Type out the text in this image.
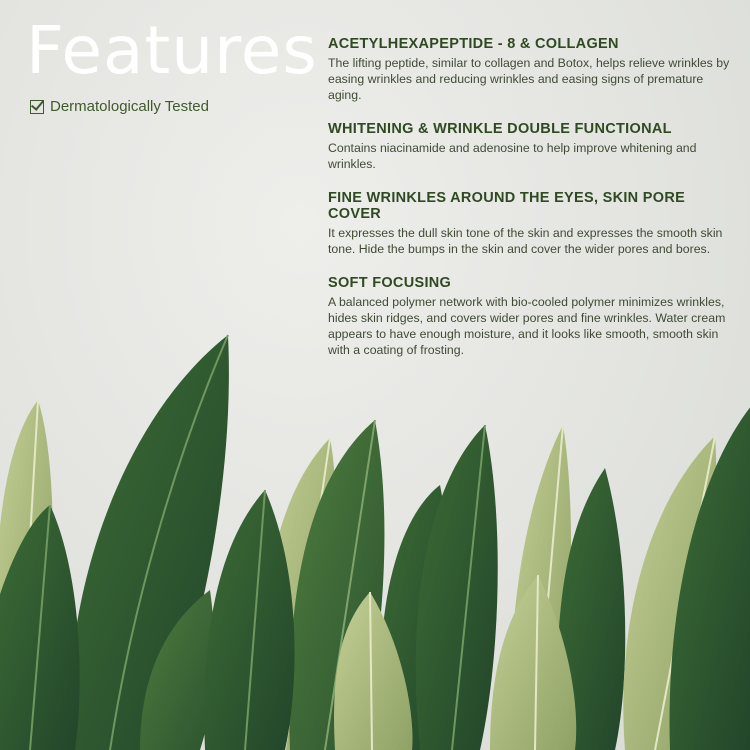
Features
Dermatologically Tested
ACETYLHEXAPEPTIDE - 8 & COLLAGEN

The lifting peptide, similar to collagen and Botox, helps relieve wrinkles by easing wrinkles and reducing wrinkles and easing signs of premature aging.

WHITENING & WRINKLE DOUBLE FUNCTIONAL

Contains niacinamide and adenosine to help improve whitening and wrinkles.

FINE WRINKLES AROUND THE EYES, SKIN PORE COVER

It expresses the dull skin tone of the skin and expresses the smooth skin tone. Hide the bumps in the skin and cover the wider pores and bores.

SOFT FOCUSING

A balanced polymer network with bio-cooled polymer minimizes wrinkles, hides skin ridges, and covers wider pores and fine wrinkles. Water cream appears to have enough moisture, and it looks like smooth, smooth skin with a coating of frosting.
